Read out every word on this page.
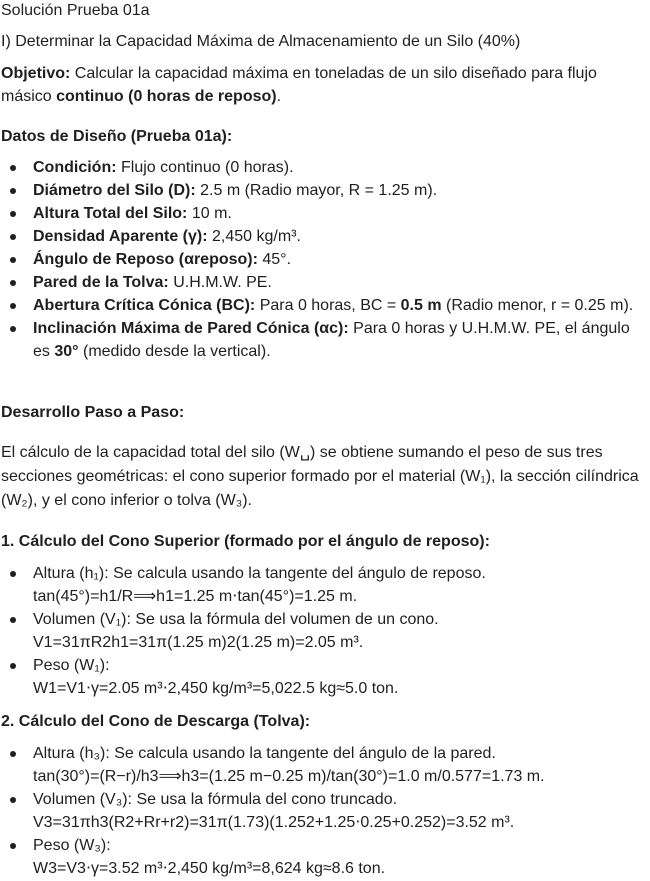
Solución Prueba 01a

I) Determinar la Capacidad Máxima de Almacenamiento de un Silo (40%)

Objetivo: Calcular la capacidad máxima en toneladas de un silo diseñado para flujo másico continuo (0 horas de reposo).

Datos de Diseño (Prueba 01a):

Condición: Flujo continuo (0 horas).
Diámetro del Silo (D): 2.5 m (Radio mayor, R = 1.25 m).
Altura Total del Silo: 10 m.
Densidad Aparente (γ): 2,450 kg/m³.
Ángulo de Reposo (αreposo): 45°.
Pared de la Tolva: U.H.M.W. PE.
Abertura Crítica Cónica (BC): Para 0 horas, BC = 0.5 m (Radio menor, r = 0.25 m).
Inclinación Máxima de Pared Cónica (αc): Para 0 horas y U.H.M.W. PE, el ángulo es 30° (medido desde la vertical).

Desarrollo Paso a Paso:

El cálculo de la capacidad total del silo (W␣) se obtiene sumando el peso de sus tres secciones geométricas: el cono superior formado por el material (W₁), la sección cilíndrica (W₂), y el cono inferior o tolva (W₃).

1. Cálculo del Cono Superior (formado por el ángulo de reposo):

Altura (h₁): Se calcula usando la tangente del ángulo de reposo.
tan(45°)=h1/R⟹h1=1.25 m⋅tan(45°)=1.25 m.
Volumen (V₁): Se usa la fórmula del volumen de un cono.
V1=31πR2h1=31π(1.25 m)2(1.25 m)=2.05 m³.
Peso (W₁):
W1=V1⋅γ=2.05 m³⋅2,450 kg/m³=5,022.5 kg≈5.0 ton.

2. Cálculo del Cono de Descarga (Tolva):

Altura (h₃): Se calcula usando la tangente del ángulo de la pared.
tan(30°)=(R−r)/h3⟹h3=(1.25 m−0.25 m)/tan(30°)=1.0 m/0.577=1.73 m.
Volumen (V₃): Se usa la fórmula del cono truncado.
V3=31πh3(R2+Rr+r2)=31π(1.73)(1.252+1.25⋅0.25+0.252)=3.52 m³.
Peso (W₃):
W3=V3⋅γ=3.52 m³⋅2,450 kg/m³=8,624 kg≈8.6 ton.
